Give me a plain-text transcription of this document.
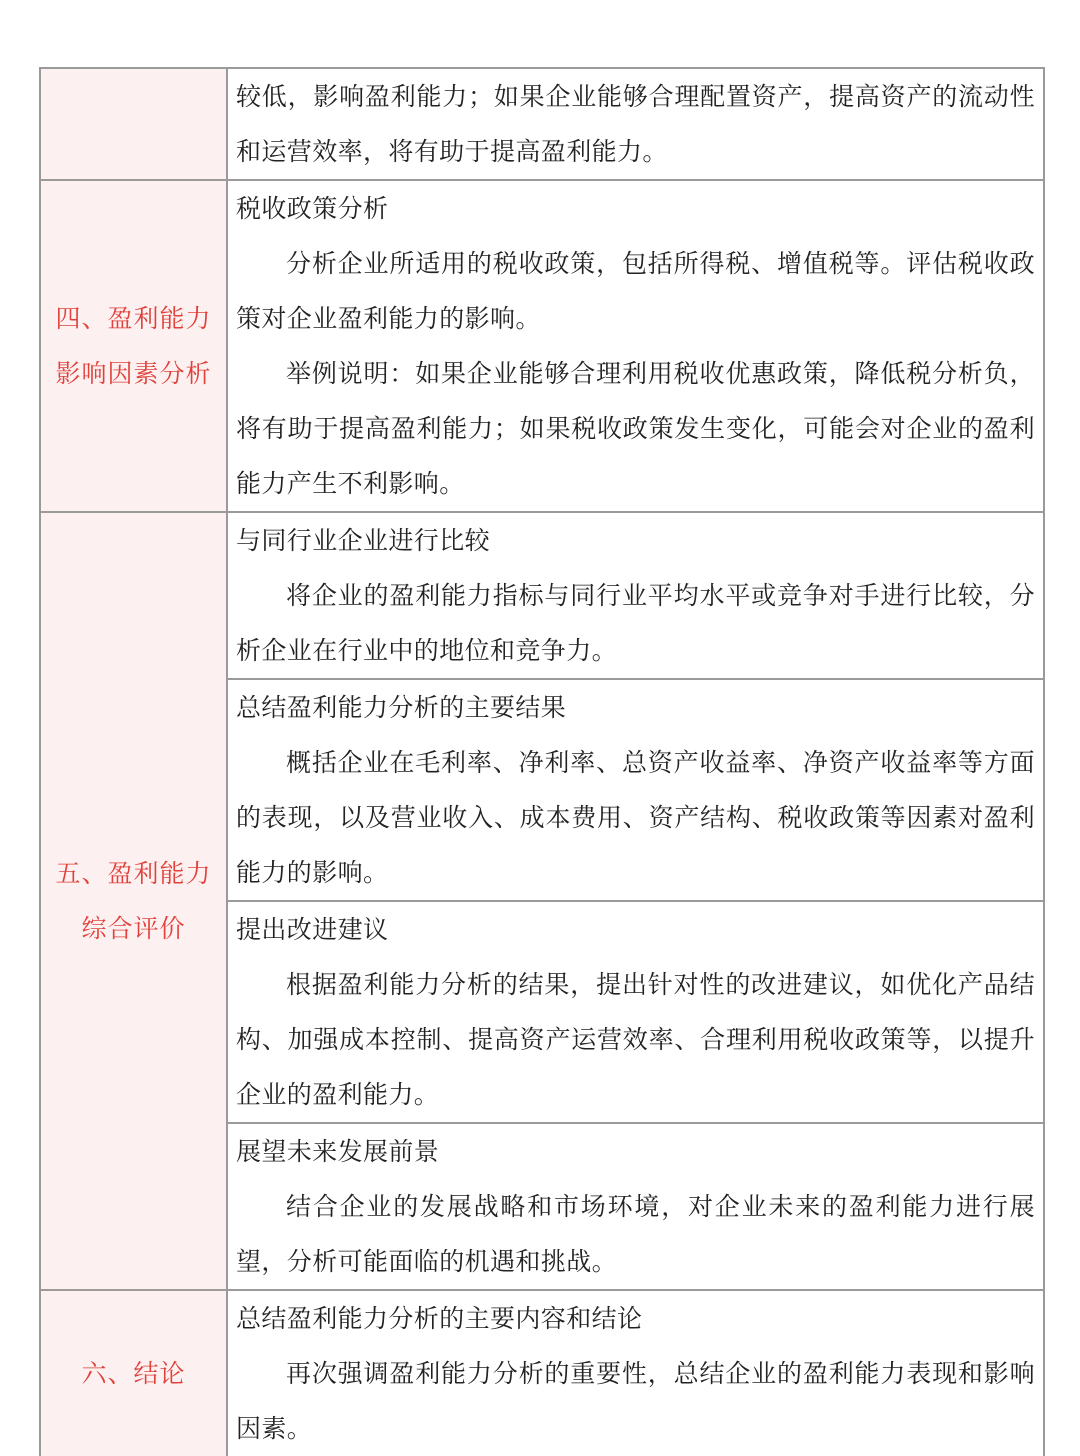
较低，影响盈利能力；如果企业能够合理配置资产，提高资产的流动性和运营效率，将有助于提高盈利能力。

四、盈利能力影响因素分析

税收政策分析

分析企业所适用的税收政策，包括所得税、增值税等。评估税收政策对企业盈利能力的影响。

举例说明：如果企业能够合理利用税收优惠政策，降低税分析负，将有助于提高盈利能力；如果税收政策发生变化，可能会对企业的盈利能力产生不利影响。

五、盈利能力综合评价

与同行业企业进行比较

将企业的盈利能力指标与同行业平均水平或竞争对手进行比较，分析企业在行业中的地位和竞争力。

总结盈利能力分析的主要结果

概括企业在毛利率、净利率、总资产收益率、净资产收益率等方面的表现，以及营业收入、成本费用、资产结构、税收政策等因素对盈利能力的影响。

提出改进建议

根据盈利能力分析的结果，提出针对性的改进建议，如优化产品结构、加强成本控制、提高资产运营效率、合理利用税收政策等，以提升企业的盈利能力。

展望未来发展前景

结合企业的发展战略和市场环境，对企业未来的盈利能力进行展望，分析可能面临的机遇和挑战。

六、结论

总结盈利能力分析的主要内容和结论

再次强调盈利能力分析的重要性，总结企业的盈利能力表现和影响因素。
